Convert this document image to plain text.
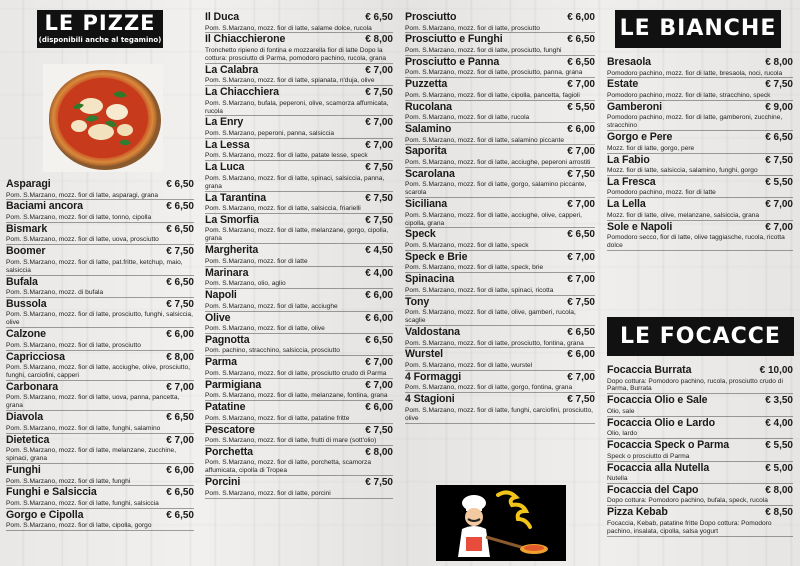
LE PIZZE
(disponibili anche al tegamino)
Asparagi	€ 6,50
Pom. S.Marzano, mozz. fior di latte, asparagi, grana
Baciami ancora	€ 6,50
Pom. S.Marzano, mozz. fior di latte, tonno, cipolla
Bismark	€ 6,50
Pom. S.Marzano, mozz. fior di latte, uova, prosciutto
Boomer	€ 7,50
Pom. S.Marzano, mozz. fior di latte, pat.fritte, ketchup, maio, salsiccia
Bufala	€ 6,50
Pom. S.Marzano, mozz. di bufala
Bussola	€ 7,50
Pom. S.Marzano, mozz. fior di latte, prosciutto, funghi, salsiccia, olive
Calzone	€ 6,00
Pom. S.Marzano, mozz. fior di latte, prosciutto
Capricciosa	€ 8,00
Pom. S.Marzano, mozz. fior di latte, acciughe, olive, prosciutto, funghi, carciofini, capperi
Carbonara	€ 7,00
Pom. S.Marzano, mozz. fior di latte, uova, panna, pancetta, grana
Diavola	€ 6,50
Pom. S.Marzano, mozz. fior di latte, funghi, salamino
Dietetica	€ 7,00
Pom. S.Marzano, mozz. fior di latte, melanzane, zucchine, spinaci, grana
Funghi	€ 6,00
Pom. S.Marzano, mozz. fior di latte, funghi
Funghi e Salsiccia	€ 6,50
Pom. S.Marzano, mozz. fior di latte, funghi, salsiccia
Gorgo e Cipolla	€ 6,50
Pom. S.Marzano, mozz. fior di latte, cipolla, gorgo
Il Duca	€ 6,50
Pom. S.Marzano, mozz. fior di latte, salame dolce, rucola
Il Chiacchierone	€ 8,00
Tronchetto ripieno di fontina e mozzarella fior di latte Dopo la cottura: prosciutto di Parma, pomodoro pachino, rucola, grana
La Calabra	€ 7,00
Pom. S.Marzano, mozz. fior di latte, spianata, n'duja, olive
La Chiacchiera	€ 7,50
Pom. S.Marzano, bufala, peperoni, olive, scamorza affumicata, rucola
La Enry	€ 7,00
Pom. S.Marzano, peperoni, panna, salsiccia
La Lessa	€ 7,00
Pom. S.Marzano, mozz. fior di latte, patate lesse, speck
La Luca	€ 7,50
Pom. S.Marzano, mozz. fior di latte, spinaci, salsiccia, panna, grana
La Tarantina	€ 7,50
Pom. S.Marzano, mozz. fior di latte, salsiccia, friarielli
La Smorfia	€ 7,50
Pom. S.Marzano, mozz. fior di latte, melanzane, gorgo, cipolla, grana
Margherita	€ 4,50
Pom. S.Marzano, mozz. fior di latte
Marinara	€ 4,00
Pom. S.Marzano, olio, aglio
Napoli	€ 6,00
Pom. S.Marzano, mozz. fior di latte, acciughe
Olive	€ 6,00
Pom. S.Marzano, mozz. fior di latte, olive
Pagnotta	€ 6,50
Pom. pachino, stracchino, salsiccia, prosciutto
Parma	€ 7,00
Pom. S.Marzano, mozz. fior di latte, prosciutto crudo di Parma
Parmigiana	€ 7,00
Pom. S.Marzano, mozz. fior di latte, melanzane, fontina, grana
Patatine	€ 6,00
Pom. S.Marzano, mozz. fior di latte, patatine fritte
Pescatore	€ 7,50
Pom. S.Marzano, mozz. fior di latte, frutti di mare (sott'olio)
Porchetta	€ 8,00
Pom. S.Marzano, mozz. fior di latte, porchetta, scamorza affumicata, cipolla di Tropea
Porcini	€ 7,50
Pom. S.Marzano, mozz. fior di latte, porcini
Prosciutto	€ 6,00
Pom. S.Marzano, mozz. fior di latte, prosciutto
Prosciutto e Funghi	€ 6,50
Pom. S.Marzano, mozz. fior di latte, prosciutto, funghi
Prosciutto e Panna	€ 6,50
Pom. S.Marzano, mozz. fior di latte, prosciutto, panna, grana
Puzzetta	€ 7,00
Pom. S.Marzano, mozz. fior di latte, cipolla, pancetta, fagioli
Rucolana	€ 5,50
Pom. S.Marzano, mozz. fior di latte, rucola
Salamino	€ 6,00
Pom. S.Marzano, mozz. fior di latte, salamino piccante
Saporita	€ 7,00
Pom. S.Marzano, mozz. fior di latte, acciughe, peperoni arrostiti
Scarolana	€ 7,50
Pom. S.Marzano, mozz. fior di latte, gorgo, salamino piccante, scarola
Siciliana	€ 7,00
Pom. S.Marzano, mozz. fior di latte, acciughe, olive, capperi, cipolla, grana
Speck	€ 6,50
Pom. S.Marzano, mozz. fior di latte, speck
Speck e Brie	€ 7,00
Pom. S.Marzano, mozz. fior di latte, speck, brie
Spinacina	€ 7,00
Pom. S.Marzano, mozz. fior di latte, spinaci, ricotta
Tony	€ 7,50
Pom. S.Marzano, mozz. fior di latte, olive, gamberi, rucola, scaglie
Valdostana	€ 6,50
Pom. S.Marzano, mozz. fior di latte, prosciutto, fontina, grana
Wurstel	€ 6,00
Pom. S.Marzano, mozz. fior di latte, wurstel
4 Formaggi	€ 7,00
Pom. S.Marzano, mozz. fior di latte, gorgo, fontina, grana
4 Stagioni	€ 7,50
Pom. S.Marzano, mozz. fior di latte, funghi, carciofini, prosciutto, olive
LE BIANCHE
Bresaola	€ 8,00
Pomodoro pachino, mozz. fior di latte, bresaola, noci, rucola
Estate	€ 7,50
Pomodoro pachino, mozz. fior di latte, stracchino, speck
Gamberoni	€ 9,00
Pomodoro pachino, mozz. fior di latte, gamberoni, zucchine, stracchino
Gorgo e Pere	€ 6,50
Mozz. fior di latte, gorgo, pere
La Fabio	€ 7,50
Mozz. fior di latte, salsiccia, salamino, funghi, gorgo
La Fresca	€ 5,50
Pomodoro pachino, mozz. fior di latte
La Lella	€ 7,00
Mozz. fior di latte, olive, melanzane, salsiccia, grana
Sole e Napoli	€ 7,00
Pomodoro secco, fior di latte, olive taggiasche, rucola, ricotta dolce
LE FOCACCE
Focaccia Burrata	€ 10,00
Dopo cottura: Pomodoro pachino, rucola, prosciutto crudo di Parma, Burrata
Focaccia Olio e Sale	€ 3,50
Olio, sale
Focaccia Olio e Lardo	€ 4,00
Olio, lardo
Focaccia Speck o Parma	€ 5,50
Speck o prosciutto di Parma
Focaccia alla Nutella	€ 5,00
Nutella
Focaccia del Capo	€ 8,00
Dopo cottura: Pomodoro pachino, bufala, speck, rucola
Pizza Kebab	€ 8,50
Focaccia, Kebab, patatine fritte Dopo cottura: Pomodoro pachino, insalata, cipolla, salsa yogurt
